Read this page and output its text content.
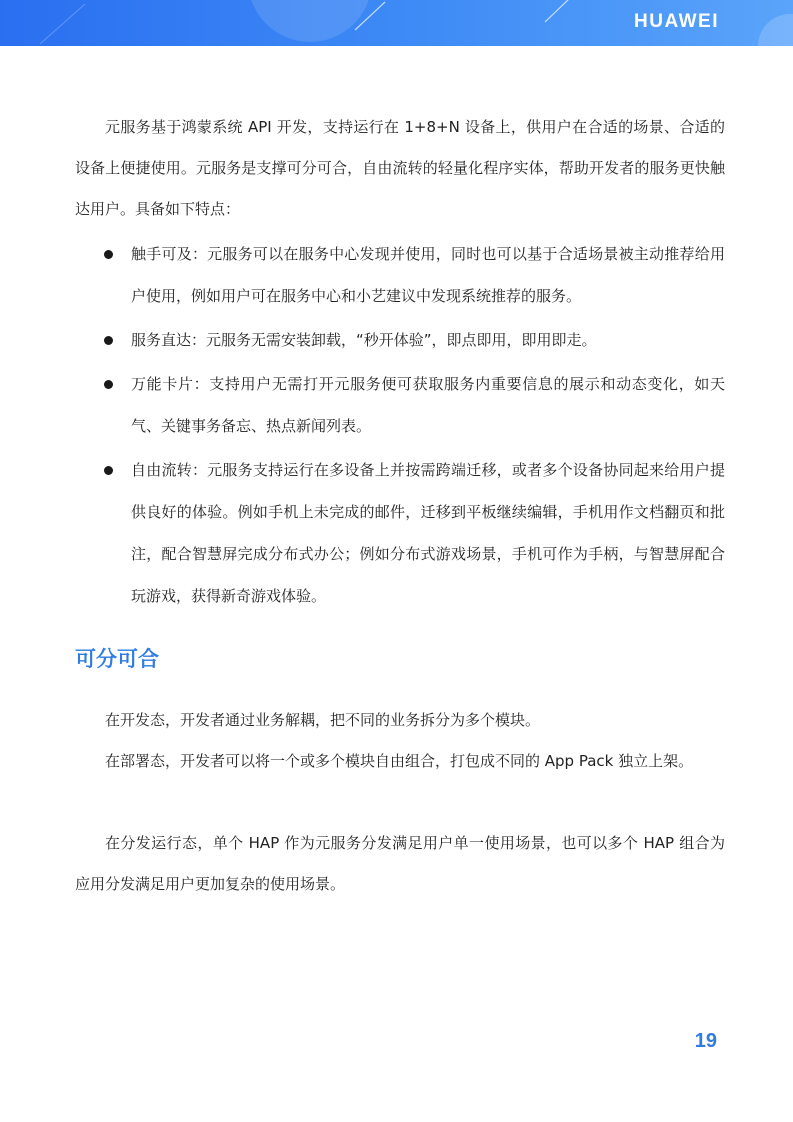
HUAWEI

元服务基于鸿蒙系统 API 开发，支持运行在 1+8+N 设备上，供用户在合适的场景、合适的设备上便捷使用。元服务是支撑可分可合，自由流转的轻量化程序实体，帮助开发者的服务更快触达用户。具备如下特点：

触手可及：元服务可以在服务中心发现并使用，同时也可以基于合适场景被主动推荐给用户使用，例如用户可在服务中心和小艺建议中发现系统推荐的服务。
服务直达：元服务无需安装卸载，“秒开体验”，即点即用，即用即走。
万能卡片：支持用户无需打开元服务便可获取服务内重要信息的展示和动态变化，如天气、关键事务备忘、热点新闻列表。
自由流转：元服务支持运行在多设备上并按需跨端迁移，或者多个设备协同起来给用户提供良好的体验。例如手机上未完成的邮件，迁移到平板继续编辑，手机用作文档翻页和批注，配合智慧屏完成分布式办公；例如分布式游戏场景，手机可作为手柄，与智慧屏配合玩游戏，获得新奇游戏体验。
可分可合

在开发态，开发者通过业务解耦，把不同的业务拆分为多个模块。

在部署态，开发者可以将一个或多个模块自由组合，打包成不同的 App Pack 独立上架。

在分发运行态，单个 HAP 作为元服务分发满足用户单一使用场景，也可以多个 HAP 组合为应用分发满足用户更加复杂的使用场景。

19
